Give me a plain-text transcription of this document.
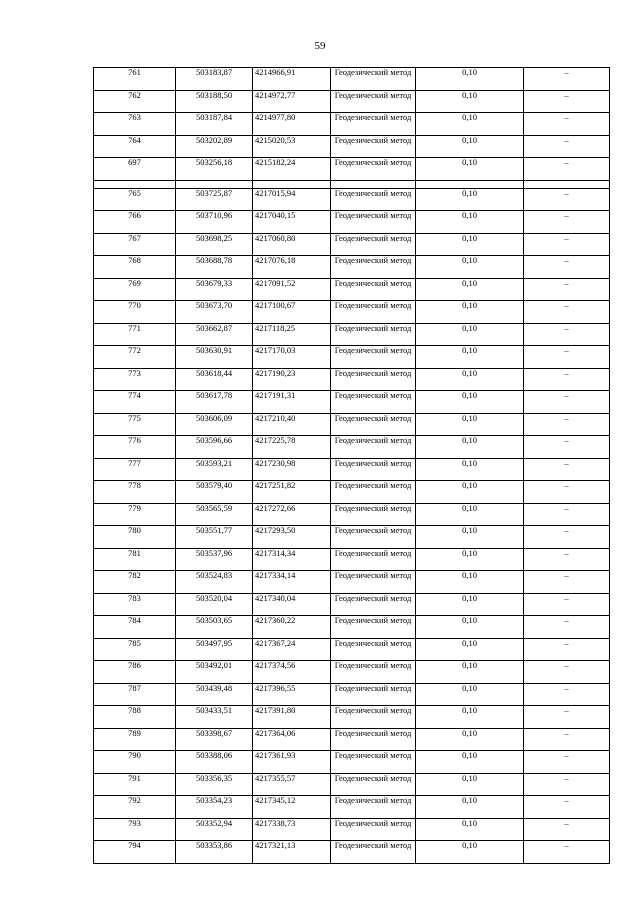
59
761	503183,87	4214966,91	Геодезический метод	0,10	–
762	503188,50	4214972,77	Геодезический метод	0,10	–
763	503187,84	4214977,80	Геодезический метод	0,10	–
764	503202,89	4215020,53	Геодезический метод	0,10	–
697	503256,18	4215182,24	Геодезический метод	0,10	–

765	503725,87	4217015,94	Геодезический метод	0,10	–
766	503710,96	4217040,15	Геодезический метод	0,10	–
767	503698,25	4217060,80	Геодезический метод	0,10	–
768	503688,78	4217076,18	Геодезический метод	0,10	–
769	503679,33	4217091,52	Геодезический метод	0,10	–
770	503673,70	4217100,67	Геодезический метод	0,10	–
771	503662,87	4217118,25	Геодезический метод	0,10	–
772	503630,91	4217170,03	Геодезический метод	0,10	–
773	503618,44	4217190,23	Геодезический метод	0,10	–
774	503617,78	4217191,31	Геодезический метод	0,10	–
775	503606,09	4217210,40	Геодезический метод	0,10	–
776	503596,66	4217225,78	Геодезический метод	0,10	–
777	503593,21	4217230,98	Геодезический метод	0,10	–
778	503579,40	4217251,82	Геодезический метод	0,10	–
779	503565,59	4217272,66	Геодезический метод	0,10	–
780	503551,77	4217293,50	Геодезический метод	0,10	–
781	503537,96	4217314,34	Геодезический метод	0,10	–
782	503524,83	4217334,14	Геодезический метод	0,10	–
783	503520,04	4217340,04	Геодезический метод	0,10	–
784	503503,65	4217360,22	Геодезический метод	0,10	–
785	503497,95	4217367,24	Геодезический метод	0,10	–
786	503492,01	4217374,56	Геодезический метод	0,10	–
787	503439,48	4217396,55	Геодезический метод	0,10	–
788	503433,51	4217391,80	Геодезический метод	0,10	–
789	503398,67	4217364,06	Геодезический метод	0,10	–
790	503388,06	4217361,93	Геодезический метод	0,10	–
791	503356,35	4217355,57	Геодезический метод	0,10	–
792	503354,23	4217345,12	Геодезический метод	0,10	–
793	503352,94	4217338,73	Геодезический метод	0,10	–
794	503353,86	4217321,13	Геодезический метод	0,10	–
